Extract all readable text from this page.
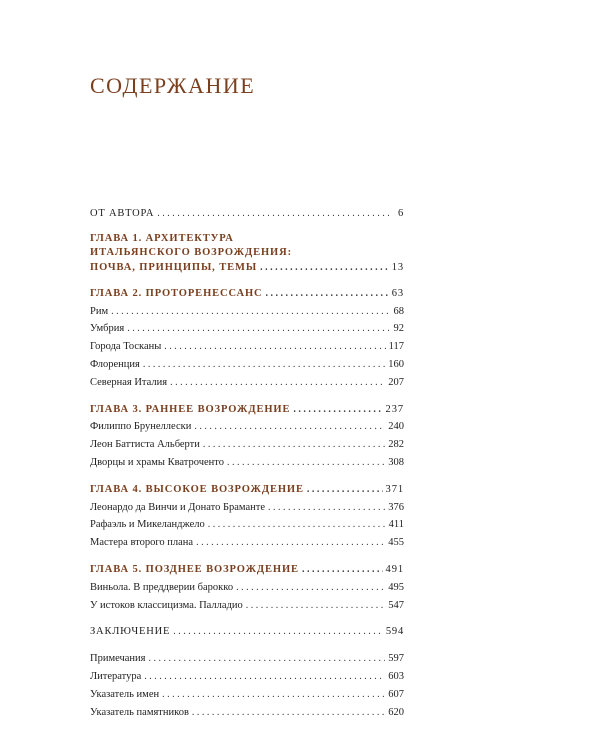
СОДЕРЖАНИЕ
ОТ АВТОРА . . .	6
ГЛАВА 1. АРХИТЕКТУРА
ИТАЛЬЯНСКОГО ВОЗРОЖДЕНИЯ:
ПОЧВА, ПРИНЦИПЫ, ТЕМЫ . . .	13
ГЛАВА 2. ПРОТОРЕНЕССАНС . . .	63
Рим . . .	68
Умбрия . . .	92
Города Тосканы . . .	117
Флоренция . . .	160
Северная Италия . . .	207
ГЛАВА 3. РАННЕЕ ВОЗРОЖДЕНИЕ . . .	237
Филиппо Брунеллески . . .	240
Леон Баттиста Альберти . . .	282
Дворцы и храмы Кватроченто . . .	308
ГЛАВА 4. ВЫСОКОЕ ВОЗРОЖДЕНИЕ . . .	371
Леонардо да Винчи и Донато Браманте . . .	376
Рафаэль и Микеланджело . . .	411
Мастера второго плана . . .	455
ГЛАВА 5. ПОЗДНЕЕ ВОЗРОЖДЕНИЕ . . .	491
Виньола. В преддверии барокко . . .	495
У истоков классицизма. Палладио . . .	547
ЗАКЛЮЧЕНИЕ . . .	594
Примечания . . .	597
Литература . . .	603
Указатель имен . . .	607
Указатель памятников . . .	620
